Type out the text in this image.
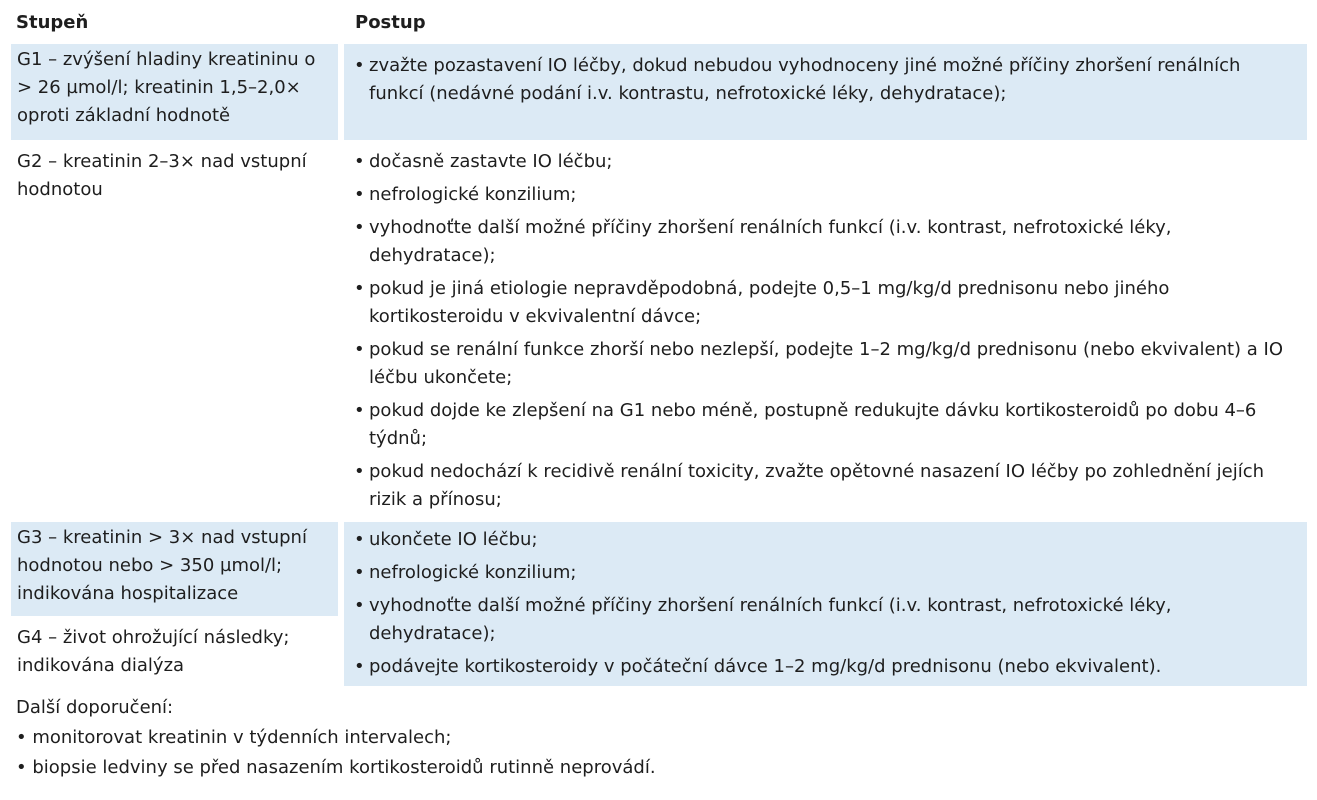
Stupeň	Postup
G1 – zvýšení hladiny kreatininu o > 26 µmol/l; kreatinin 1,5–2,0× oproti základní hodnotě
• zvažte pozastavení IO léčby, dokud nebudou vyhodnoceny jiné možné příčiny zhoršení renálních funkcí (nedávné podání i.v. kontrastu, nefrotoxické léky, dehydratace);
G2 – kreatinin 2–3× nad vstupní hodnotou
• dočasně zastavte IO léčbu;
• nefrologické konzilium;
• vyhodnoťte další možné příčiny zhoršení renálních funkcí (i.v. kontrast, nefrotoxické léky, dehydratace);
• pokud je jiná etiologie nepravděpodobná, podejte 0,5–1 mg/kg/d prednisonu nebo jiného kortikosteroidu v ekvivalentní dávce;
• pokud se renální funkce zhorší nebo nezlepší, podejte 1–2 mg/kg/d prednisonu (nebo ekvivalent) a IO léčbu ukončete;
• pokud dojde ke zlepšení na G1 nebo méně, postupně redukujte dávku kortikosteroidů po dobu 4–6 týdnů;
• pokud nedochází k recidivě renální toxicity, zvažte opětovné nasazení IO léčby po zohlednění jejích rizik a přínosu;
G3 – kreatinin > 3× nad vstupní hodnotou nebo > 350 µmol/l; indikována hospitalizace
G4 – život ohrožující následky; indikována dialýza
• ukončete IO léčbu;
• nefrologické konzilium;
• vyhodnoťte další možné příčiny zhoršení renálních funkcí (i.v. kontrast, nefrotoxické léky, dehydratace);
• podávejte kortikosteroidy v počáteční dávce 1–2 mg/kg/d prednisonu (nebo ekvivalent).
Další doporučení:
• monitorovat kreatinin v týdenních intervalech;
• biopsie ledviny se před nasazením kortikosteroidů rutinně neprovádí.
